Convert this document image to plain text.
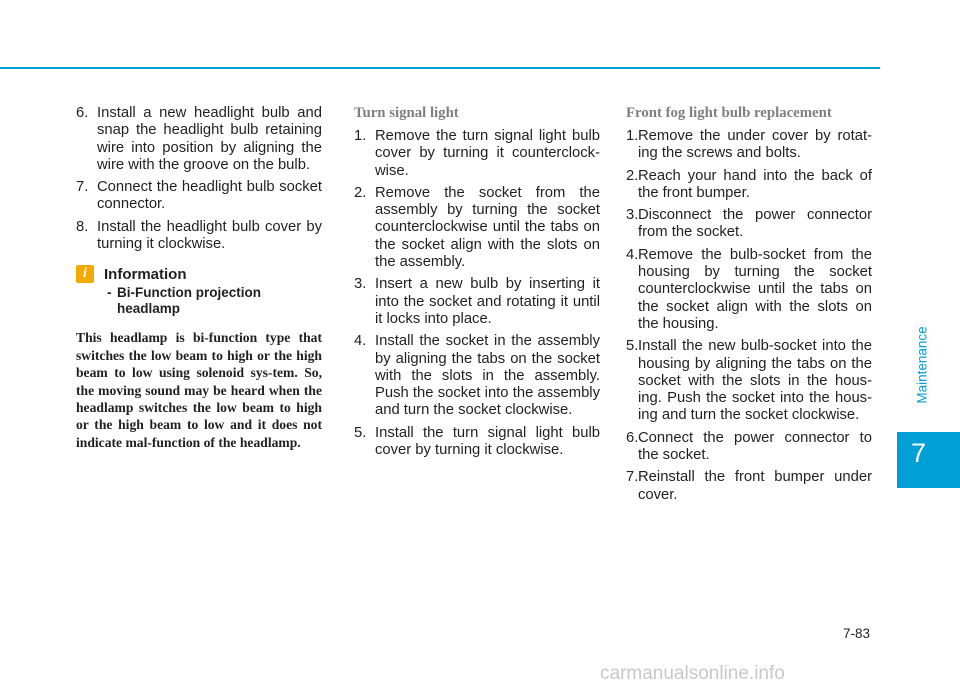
6. Install a new headlight bulb and snap the headlight bulb retaining wire into position by aligning the wire with the groove on the bulb.
7. Connect the headlight bulb socket connector.
8. Install the headlight bulb cover by turning it clockwise.
i	Information
- Bi-Function projection
headlamp

This headlamp is bi-function type that switches the low beam to high or the high beam to low using solenoid sys-tem. So, the moving sound may be heard when the headlamp switches the low beam to high or the high beam to low and it does not indicate mal-function of the headlamp.

Turn signal light
1. Remove the turn signal light bulb cover by turning it counterclock-wise.
2. Remove the socket from the assembly by turning the socket counterclockwise until the tabs on the socket align with the slots on the assembly.
3. Insert a new bulb by inserting it into the socket and rotating it until it locks into place.
4. Install the socket in the assembly by aligning the tabs on the socket with the slots in the assembly. Push the socket into the assembly and turn the socket clockwise.
5. Install the turn signal light bulb cover by turning it clockwise.
Front fog light bulb replacement
1. Remove the under cover by rotat-ing the screws and bolts.
2. Reach your hand into the back of the front bumper.
3. Disconnect the power connector from the socket.
4. Remove the bulb-socket from the housing by turning the socket counterclockwise until the tabs on the socket align with the slots on the housing.
5. Install the new bulb-socket into the housing by aligning the tabs on the socket with the slots in the hous-ing. Push the socket into the hous-ing and turn the socket clockwise.
6. Connect the power connector to the socket.
7. Reinstall the front bumper under cover.
Maintenance
7
7-83
carmanualsonline.info
